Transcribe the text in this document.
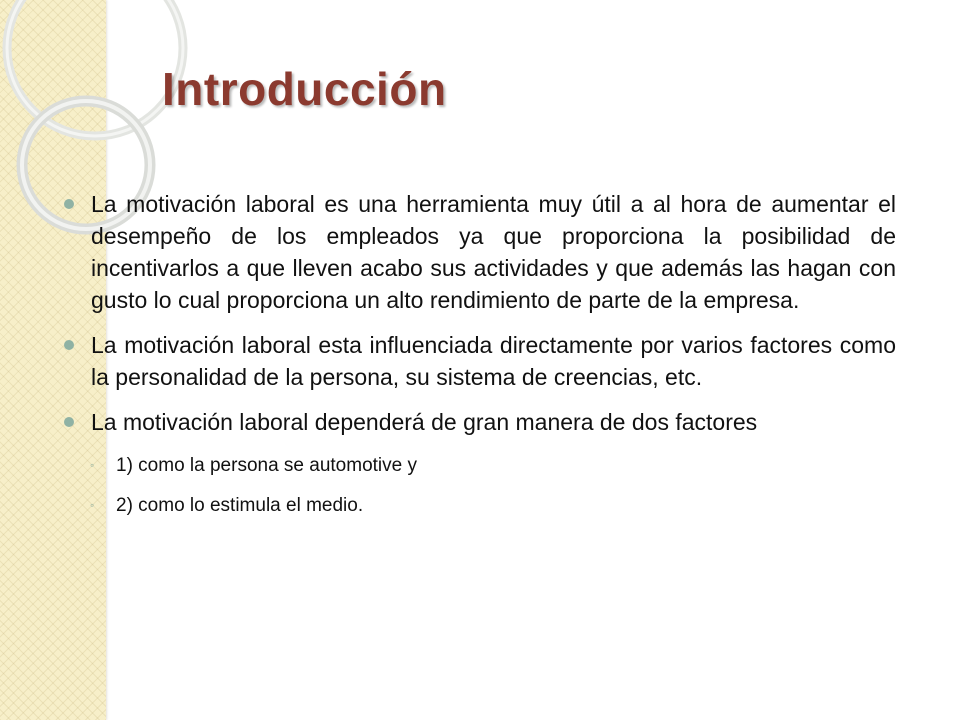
Introducción

La motivación laboral es una herramienta muy útil a al hora de aumentar el desempeño de los empleados ya que proporciona la posibilidad de incentivarlos a que lleven acabo sus actividades y que además las hagan con gusto lo cual proporciona un alto rendimiento de parte de la empresa.

La motivación laboral esta influenciada directamente por varios factores como la personalidad de la persona, su sistema de creencias, etc.

La motivación laboral dependerá de gran manera de dos factores

◦ 1) como la persona se automotive y

◦ 2) como lo estimula el medio.
